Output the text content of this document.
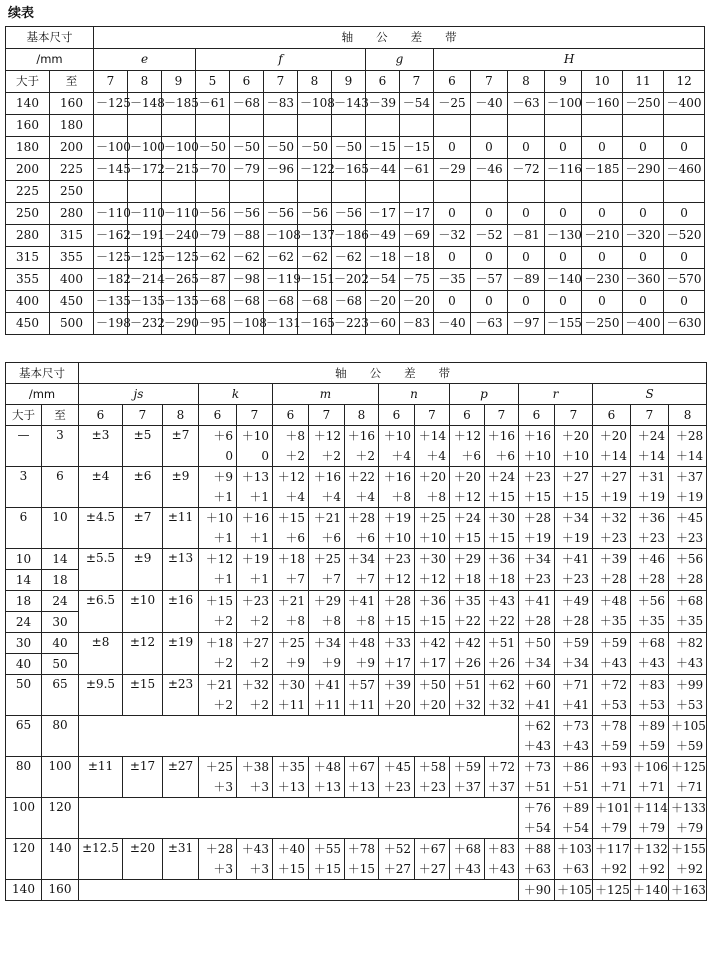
续表
基本尺寸		轴　　公　　差　　带																
/mm		e			f					g		H						
大于	至	7	8	9	5	6	7	8	9	6	7	6	7	8	9	10	11	12
140	160	－125	－148	－185	－61	－68	－83	－108	－143	－39	－54	－25	－40	－63	－100	－160	－250	－400
160	180																	
180	200	－100	－100	－100	－50	－50	－50	－50	－50	－15	－15	0	0	0	0	0	0	0
200	225	－145	－172	－215	－70	－79	－96	－122	－165	－44	－61	－29	－46	－72	－116	－185	－290	－460
225	250																	
250	280	－110	－110	－110	－56	－56	－56	－56	－56	－17	－17	0	0	0	0	0	0	0
280	315	－162	－191	－240	－79	－88	－108	－137	－186	－49	－69	－32	－52	－81	－130	－210	－320	－520
315	355	－125	－125	－125	－62	－62	－62	－62	－62	－18	－18	0	0	0	0	0	0	0
355	400	－182	－214	－265	－87	－98	－119	－151	－202	－54	－75	－35	－57	－89	－140	－230	－360	－570
400	450	－135	－135	－135	－68	－68	－68	－68	－68	－20	－20	0	0	0	0	0	0	0
450	500	－198	－232	－290	－95	－108	－131	－165	－223	－60	－83	－40	－63	－97	－155	－250	－400	－630
基本尺寸		轴　　公　　差　　带																
/mm		js			k		m			n		p		r		S		
大于	至	6	7	8	6	7	6	7	8	6	7	6	7	6	7	6	7	8
—	3	±3	±5	±7	＋6	＋10	＋8	＋12	＋16	＋10	＋14	＋12	＋16	＋16	＋20	＋20	＋24	＋28
					0	0	＋2	＋2	＋2	＋4	＋4	＋6	＋6	＋10	＋10	＋14	＋14	＋14
3	6	±4	±6	±9	＋9	＋13	＋12	＋16	＋22	＋16	＋20	＋20	＋24	＋23	＋27	＋27	＋31	＋37
					＋1	＋1	＋4	＋4	＋4	＋8	＋8	＋12	＋15	＋15	＋15	＋19	＋19	＋19
6	10	±4.5	±7	±11	＋10	＋16	＋15	＋21	＋28	＋19	＋25	＋24	＋30	＋28	＋34	＋32	＋36	＋45
					＋1	＋1	＋6	＋6	＋6	＋10	＋10	＋15	＋15	＋19	＋19	＋23	＋23	＋23
10	14	±5.5	±9	±13	＋12	＋19	＋18	＋25	＋34	＋23	＋30	＋29	＋36	＋34	＋41	＋39	＋46	＋56
14	18				＋1	＋1	＋7	＋7	＋7	＋12	＋12	＋18	＋18	＋23	＋23	＋28	＋28	＋28
18	24	±6.5	±10	±16	＋15	＋23	＋21	＋29	＋41	＋28	＋36	＋35	＋43	＋41	＋49	＋48	＋56	＋68
24	30				＋2	＋2	＋8	＋8	＋8	＋15	＋15	＋22	＋22	＋28	＋28	＋35	＋35	＋35
30	40	±8	±12	±19	＋18	＋27	＋25	＋34	＋48	＋33	＋42	＋42	＋51	＋50	＋59	＋59	＋68	＋82
40	50				＋2	＋2	＋9	＋9	＋9	＋17	＋17	＋26	＋26	＋34	＋34	＋43	＋43	＋43
50	65	±9.5	±15	±23	＋21	＋32	＋30	＋41	＋57	＋39	＋50	＋51	＋62	＋60	＋71	＋72	＋83	＋99
					＋2	＋2	＋11	＋11	＋11	＋20	＋20	＋32	＋32	＋41	＋41	＋53	＋53	＋53
65	80													＋62	＋73	＋78	＋89	＋105
														＋43	＋43	＋59	＋59	＋59
80	100	±11	±17	±27	＋25	＋38	＋35	＋48	＋67	＋45	＋58	＋59	＋72	＋73	＋86	＋93	＋106	＋125
					＋3	＋3	＋13	＋13	＋13	＋23	＋23	＋37	＋37	＋51	＋51	＋71	＋71	＋71
100	120													＋76	＋89	＋101	＋114	＋133
														＋54	＋54	＋79	＋79	＋79
120	140	±12.5	±20	±31	＋28	＋43	＋40	＋55	＋78	＋52	＋67	＋68	＋83	＋88	＋103	＋117	＋132	＋155
					＋3	＋3	＋15	＋15	＋15	＋27	＋27	＋43	＋43	＋63	＋63	＋92	＋92	＋92
140	160													＋90	＋105	＋125	＋140	＋163
